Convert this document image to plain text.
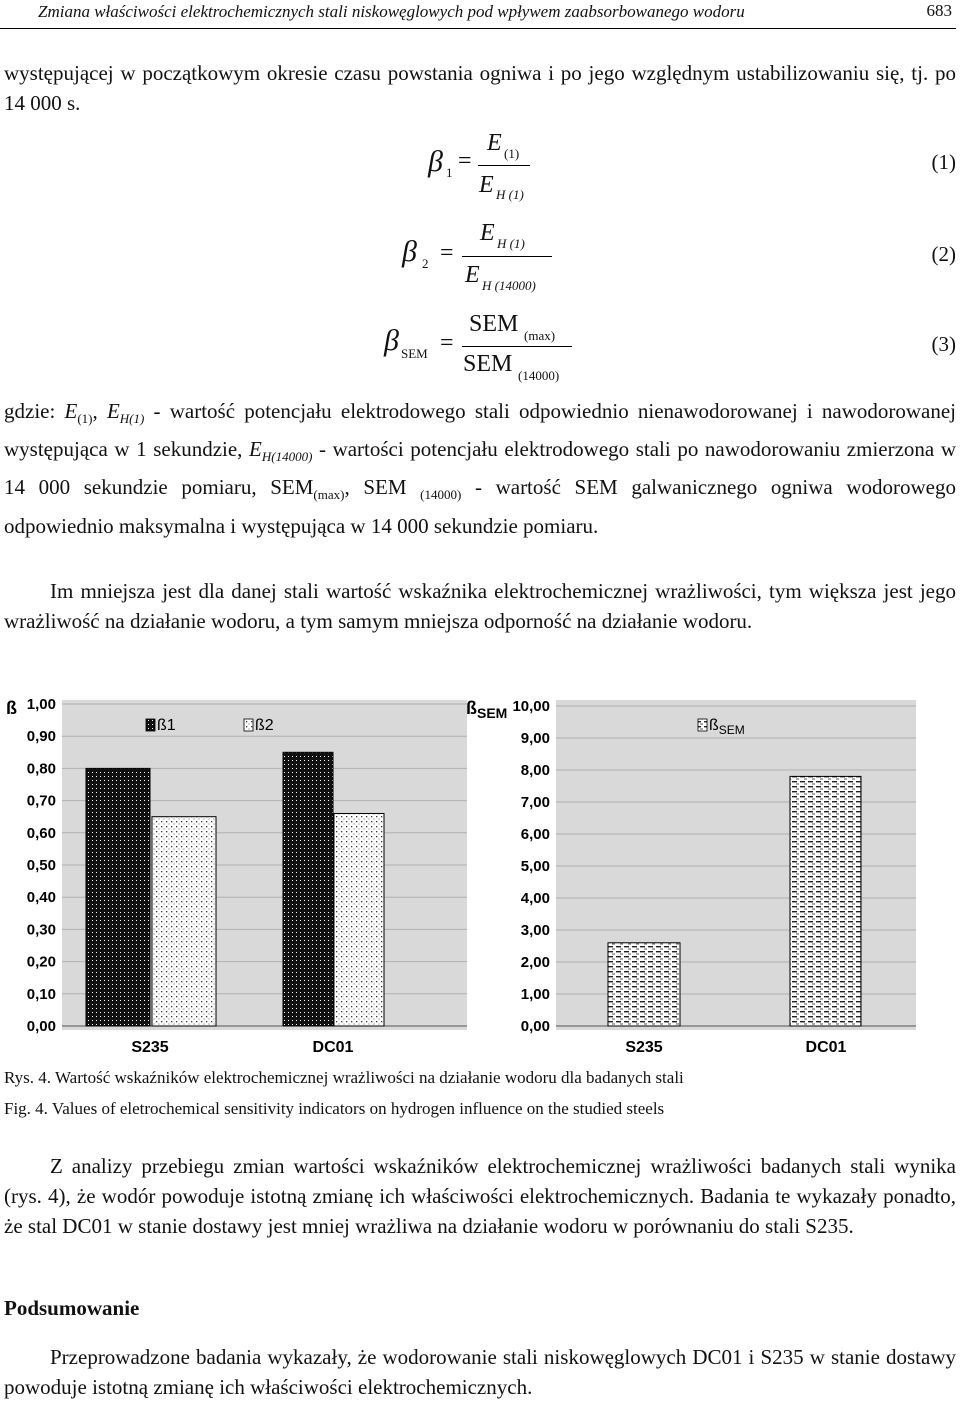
Zmiana właściwości elektrochemicznych stali niskowęglowych pod wpływem zaabsorbowanego wodoru	683

występującej w początkowym okresie czasu powstania ogniwa i po jego względnym ustabilizowaniu się, tj. po 14 000 s.

β 1 =
E (1)
E H (1)
(1)
β 2 =
E H (1)
E H (14000)
(2)
β SEM =
SEM (max)
SEM (14000)
(3)

gdzie: $E_{(1)}$, $E_{H(1)}$ - wartość potencjału elektrodowego stali odpowiednio nienawodorowanej i nawodorowanej występująca w 1 sekundzie, $E_{H(14000)}$ - wartości potencjału elektrodowego stali po nawodorowaniu zmierzona w 14 000 sekundzie pomiaru, $SEM_{(max)}$, SEM $_{(14000)}$ - wartość SEM galwanicznego ogniwa wodorowego odpowiednio maksymalna i występująca w 14 000 sekundzie pomiaru.

Im mniejsza jest dla danej stali wartość wskaźnika elektrochemicznej wrażliwości, tym większa jest jego wrażliwość na działanie wodoru, a tym samym mniejsza odporność na działanie wodoru.

ß
0,00
0,10
0,20
0,30
0,40
0,50
0,60
0,70
0,80
0,90
1,00
S235	DC01
ß1	ß2
$ß_{SEM}$
0,00
1,00
2,00
3,00
4,00
5,00
6,00
7,00
8,00
9,00
10,00
S235	DC01
$ß_{SEM}$

Rys. 4. Wartość wskaźników elektrochemicznej wrażliwości na działanie wodoru dla badanych stali

Fig. 4. Values of eletrochemical sensitivity indicators on hydrogen influence on the studied steels

Z analizy przebiegu zmian wartości wskaźników elektrochemicznej wrażliwości badanych stali wynika (rys. 4), że wodór powoduje istotną zmianę ich właściwości elektrochemicznych. Badania te wykazały ponadto, że stal DC01 w stanie dostawy jest mniej wrażliwa na działanie wodoru w porównaniu do stali S235.

Podsumowanie

Przeprowadzone badania wykazały, że wodorowanie stali niskowęglowych DC01 i S235 w stanie dostawy powoduje istotną zmianę ich właściwości elektrochemicznych.
